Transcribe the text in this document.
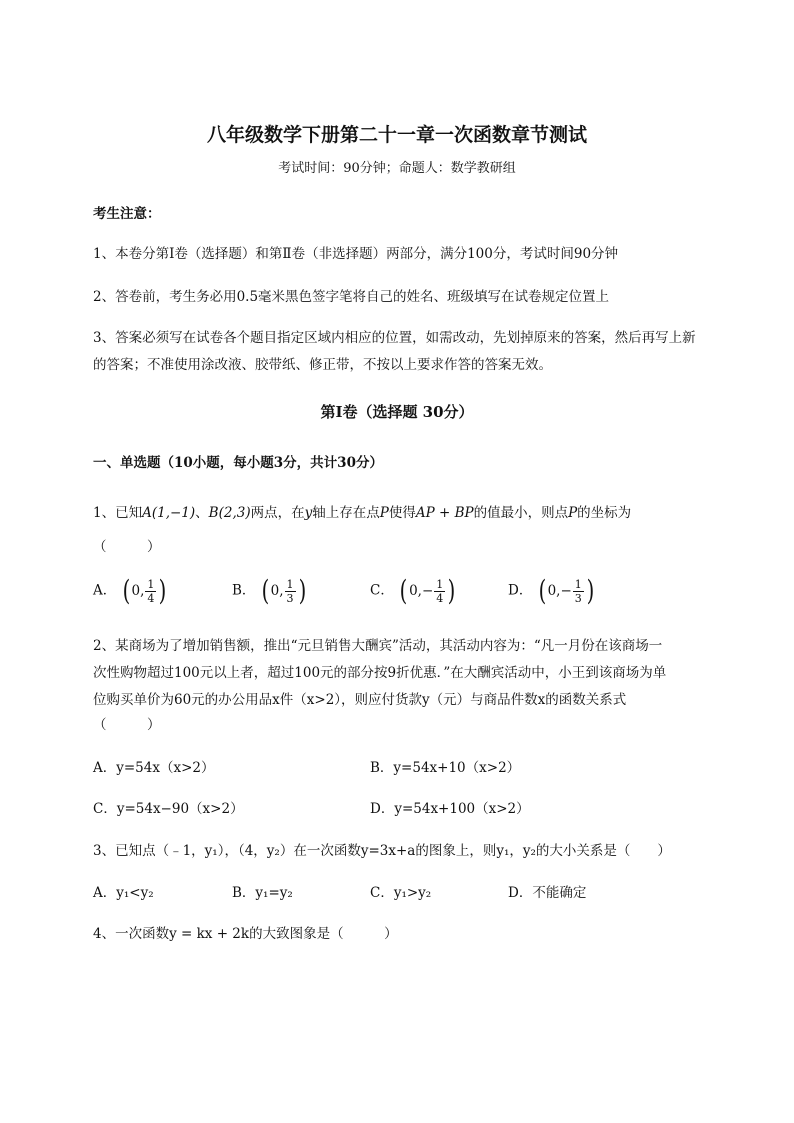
八年级数学下册第二十一章一次函数章节测试
考试时间：90分钟；命题人：数学教研组
考生注意：
1、本卷分第I卷（选择题）和第Ⅱ卷（非选择题）两部分，满分100分，考试时间90分钟
2、答卷前，考生务必用0.5毫米黑色签字笔将自己的姓名、班级填写在试卷规定位置上
3、答案必须写在试卷各个题目指定区域内相应的位置，如需改动，先划掉原来的答案，然后再写上新
的答案；不准使用涂改液、胶带纸、修正带，不按以上要求作答的答案无效。
第I卷（选择题 30分）
一、单选题（10小题，每小题3分，共计30分）
1、已知A(1,−1)、B(2,3)两点，在y轴上存在点P使得AP + BP的值最小，则点P的坐标为
（　　　）
A． ( 0, $\frac{1}{4}$ )	B． ( 0, $\frac{1}{3}$ )	C． ( 0, − $\frac{1}{4}$ )	D． ( 0, − $\frac{1}{3}$ )
2、某商场为了增加销售额，推出“元旦销售大酬宾”活动，其活动内容为：“凡一月份在该商场一
次性购物超过100元以上者，超过100元的部分按9折优惠．”在大酬宾活动中，小王到该商场为单
位购买单价为60元的办公用品x件（x>2），则应付货款y（元）与商品件数x的函数关系式
（　　　）
A．y=54x（x>2）	B．y=54x+10（x>2）
C．y=54x−90（x>2）	D．y=54x+100（x>2）
3、已知点（﹣1，y₁），（4，y₂）在一次函数y=3x+a的图象上，则y₁，y₂的大小关系是（　　）
A．y₁<y₂	B．y₁=y₂	C．y₁>y₂	D．不能确定
4、一次函数y = kx + 2k的大致图象是（　　　）
